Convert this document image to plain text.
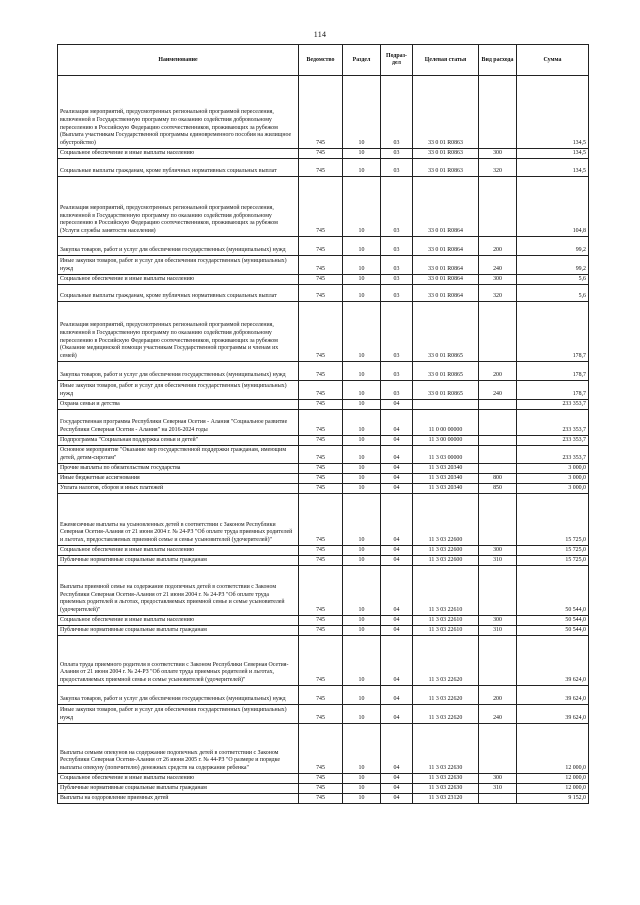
114
Наименование	Ведомство	Раздел	Подраз-дел	Целевая статья	Вид расхода	Сумма
Реализация мероприятий, предусмотренных региональной программой переселения, включенной в Государственную программу по оказанию содействия добровольному переселению в Российскую Федерацию соотечественников, проживающих за рубежом (Выплата участникам Государственной программы единовременного пособия на жилищное обустройство)	745	10	03	33 0 01 R0863		134,5
Социальное обеспечение и иные выплаты населению	745	10	03	33 0 01 R0863	300	134,5
Социальные выплаты гражданам, кроме публичных нормативных социальных выплат	745	10	03	33 0 01 R0863	320	134,5
Реализация мероприятий, предусмотренных региональной программой переселения, включенной в Государственную программу по оказанию содействия добровольному переселению в Российскую Федерацию соотечественников, проживающих за рубежом (Услуги службы занятости населения)	745	10	03	33 0 01 R0864		104,8
Закупка товаров, работ и услуг для обеспечения государственных (муниципальных) нужд	745	10	03	33 0 01 R0864	200	99,2
Иные закупки товаров, работ и услуг для обеспечения государственных (муниципальных) нужд	745	10	03	33 0 01 R0864	240	99,2
Социальное обеспечение и иные выплаты населению	745	10	03	33 0 01 R0864	300	5,6
Социальные выплаты гражданам, кроме публичных нормативных социальных выплат	745	10	03	33 0 01 R0864	320	5,6
Реализация мероприятий, предусмотренных региональной программой переселения, включенной в Государственную программу по оказанию содействия добровольному переселению в Российскую Федерацию соотечественников, проживающих за рубежом (Оказание медицинской помощи участникам Государственной программы и членам их семей)	745	10	03	33 0 01 R0865		178,7
Закупка товаров, работ и услуг для обеспечения государственных (муниципальных) нужд	745	10	03	33 0 01 R0865	200	178,7
Иные закупки товаров, работ и услуг для обеспечения государственных (муниципальных) нужд	745	10	03	33 0 01 R0865	240	178,7
Охрана семьи и детства	745	10	04			233 353,7
Государственная программа Республики Северная Осетия - Алания "Социальное развитие Республики Северная Осетия - Алания" на 2016-2024 годы	745	10	04	11 0 00 00000		233 353,7
Подпрограмма "Социальная поддержка семьи и детей"	745	10	04	11 3 00 00000		233 353,7
Основное мероприятие "Оказание мер государственной поддержки гражданам, имеющим детей, детям-сиротам"	745	10	04	11 3 03 00000		233 353,7
Прочие выплаты по обязательствам государства	745	10	04	11 3 03 20340		3 000,0
Иные бюджетные ассигнования	745	10	04	11 3 03 20340	800	3 000,0
Уплата налогов, сборов и иных платежей	745	10	04	11 3 03 20340	850	3 000,0
Ежемесячные выплаты на усыновленных детей в соответствии с Законом Республики Северная Осетия-Алания от 21 июня 2004 г. № 24-РЗ "Об оплате труда приемных родителей и льготах, предоставляемых приемной семье и семье усыновителей (удочерителей)"	745	10	04	11 3 03 22600		15 725,0
Социальное обеспечение и иные выплаты населению	745	10	04	11 3 03 22600	300	15 725,0
Публичные нормативные социальные выплаты гражданам	745	10	04	11 3 03 22600	310	15 725,0
Выплаты приемной семье на содержание подопечных детей в соответствии с Законом Республики Северная Осетия-Алания от 21 июня 2004 г. № 24-РЗ "Об оплате труда приемных родителей и льготах, предоставляемых приемной семье и семье усыновителей (удочерителей)"	745	10	04	11 3 03 22610		50 544,0
Социальное обеспечение и иные выплаты населению	745	10	04	11 3 03 22610	300	50 544,0
Публичные нормативные социальные выплаты гражданам	745	10	04	11 3 03 22610	310	50 544,0
Оплата труда приемного родителя в соответствии с Законом Республики Северная Осетия-Алания от 21 июня 2004 г. № 24-РЗ "Об оплате труда приемных родителей и льготах, предоставляемых приемной семье и семье усыновителей (удочерителей)"	745	10	04	11 3 03 22620		39 624,0
Закупка товаров, работ и услуг для обеспечения государственных (муниципальных) нужд	745	10	04	11 3 03 22620	200	39 624,0
Иные закупки товаров, работ и услуг для обеспечения государственных (муниципальных) нужд	745	10	04	11 3 03 22620	240	39 624,0
Выплаты семьям опекунов на содержание подопечных детей в соответствии с Законом Республики Северная Осетия-Алания от 26 июня 2005 г. № 44-РЗ "О размере и порядке выплаты опекуну (попечителю) денежных средств на содержание ребенка"	745	10	04	11 3 03 22630		12 000,0
Социальное обеспечение и иные выплаты населению	745	10	04	11 3 03 22630	300	12 000,0
Публичные нормативные социальные выплаты гражданам	745	10	04	11 3 03 22630	310	12 000,0
Выплаты на оздоровление приемных детей	745	10	04	11 3 03 23120		9 152,0
